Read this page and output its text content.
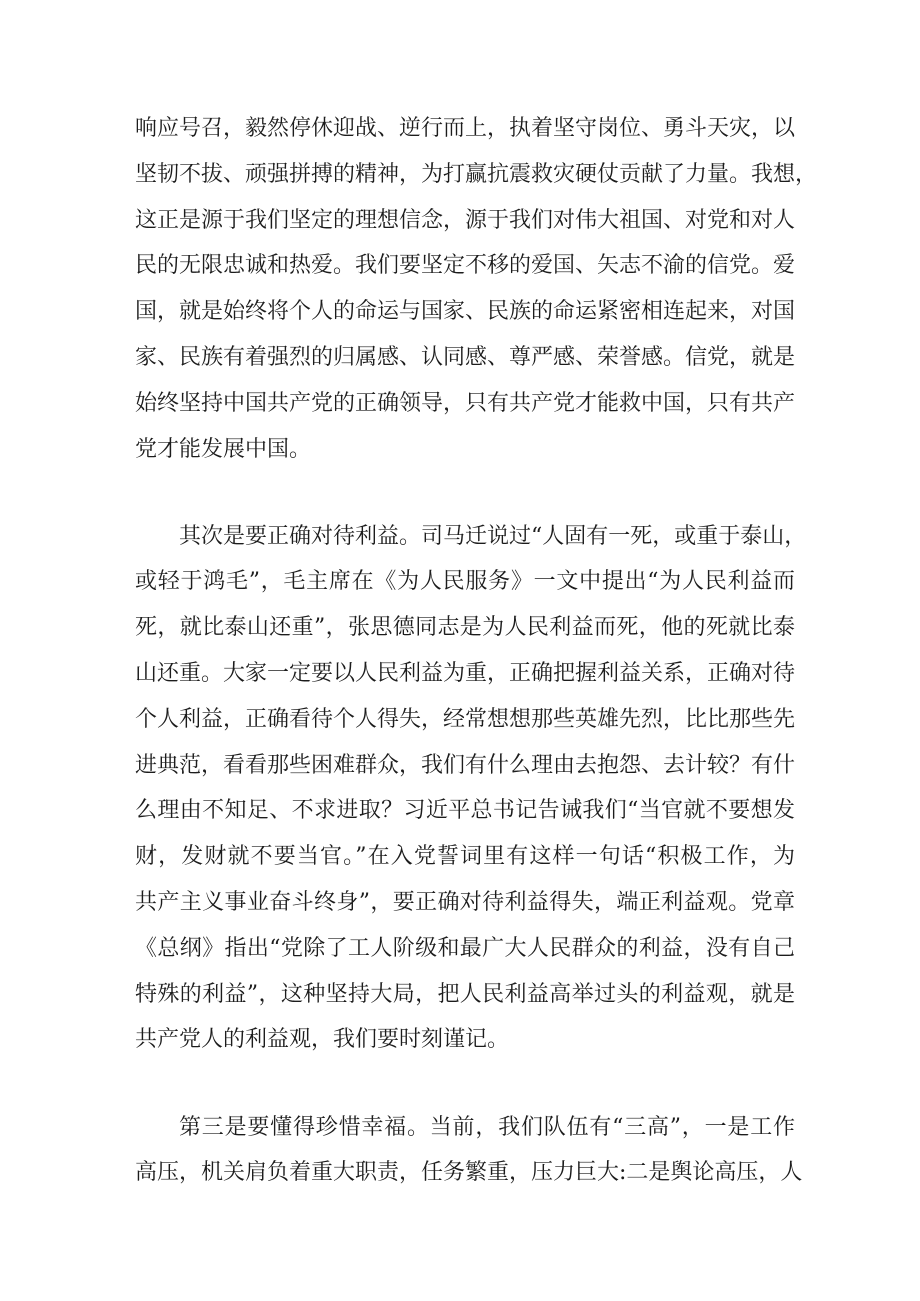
响应号召，毅然停休迎战、逆行而上，执着坚守岗位、勇斗天灾，以
坚韧不拔、顽强拼搏的精神，为打赢抗震救灾硬仗贡献了力量。我想，
这正是源于我们坚定的理想信念，源于我们对伟大祖国、对党和对人
民的无限忠诚和热爱。我们要坚定不移的爱国、矢志不渝的信党。爱
国，就是始终将个人的命运与国家、民族的命运紧密相连起来，对国
家、民族有着强烈的归属感、认同感、尊严感、荣誉感。信党，就是
始终坚持中国共产党的正确领导，只有共产党才能救中国，只有共产
党才能发展中国。
其次是要正确对待利益。司马迁说过“人固有一死，或重于泰山，
或轻于鸿毛”，毛主席在《为人民服务》一文中提出“为人民利益而
死，就比泰山还重”，张思德同志是为人民利益而死，他的死就比泰
山还重。大家一定要以人民利益为重，正确把握利益关系，正确对待
个人利益，正确看待个人得失，经常想想那些英雄先烈，比比那些先
进典范，看看那些困难群众，我们有什么理由去抱怨、去计较？有什
么理由不知足、不求进取？习近平总书记告诫我们“当官就不要想发
财，发财就不要当官。”在入党誓词里有这样一句话“积极工作，为
共产主义事业奋斗终身”，要正确对待利益得失，端正利益观。党章
《总纲》指出“党除了工人阶级和最广大人民群众的利益，没有自己
特殊的利益”，这种坚持大局，把人民利益高举过头的利益观，就是
共产党人的利益观，我们要时刻谨记。
第三是要懂得珍惜幸福。当前，我们队伍有“三高”，一是工作
高压，机关肩负着重大职责，任务繁重，压力巨大:二是舆论高压，人
